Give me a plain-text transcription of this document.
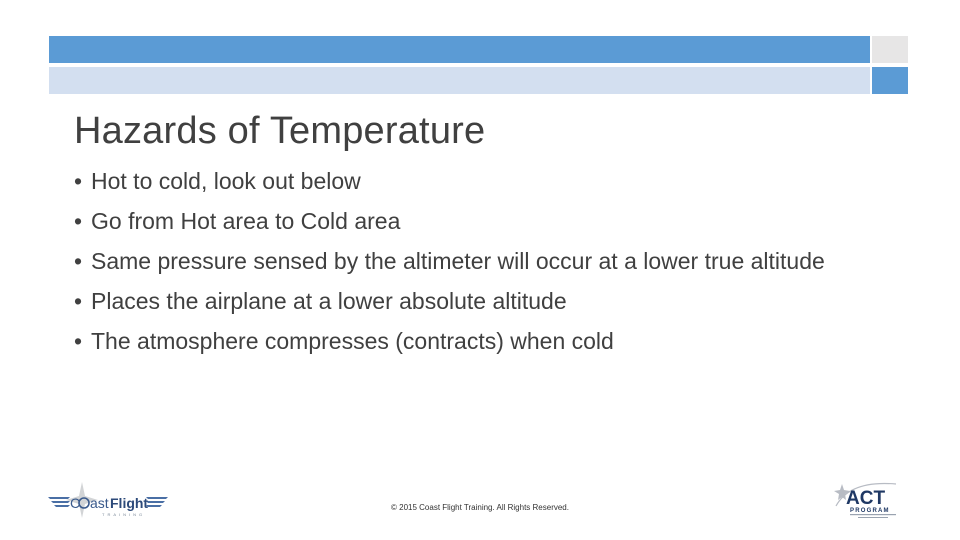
Hazards of Temperature
• Hot to cold, look out below
• Go from Hot area to Cold area
• Same pressure sensed by the altimeter will occur at a lower true altitude
• Places the airplane at a lower absolute altitude
• The atmosphere compresses (contracts) when cold
C ast Flight
TRAINING
© 2015 Coast Flight Training. All Rights Reserved.	ACT
PROGRAM
